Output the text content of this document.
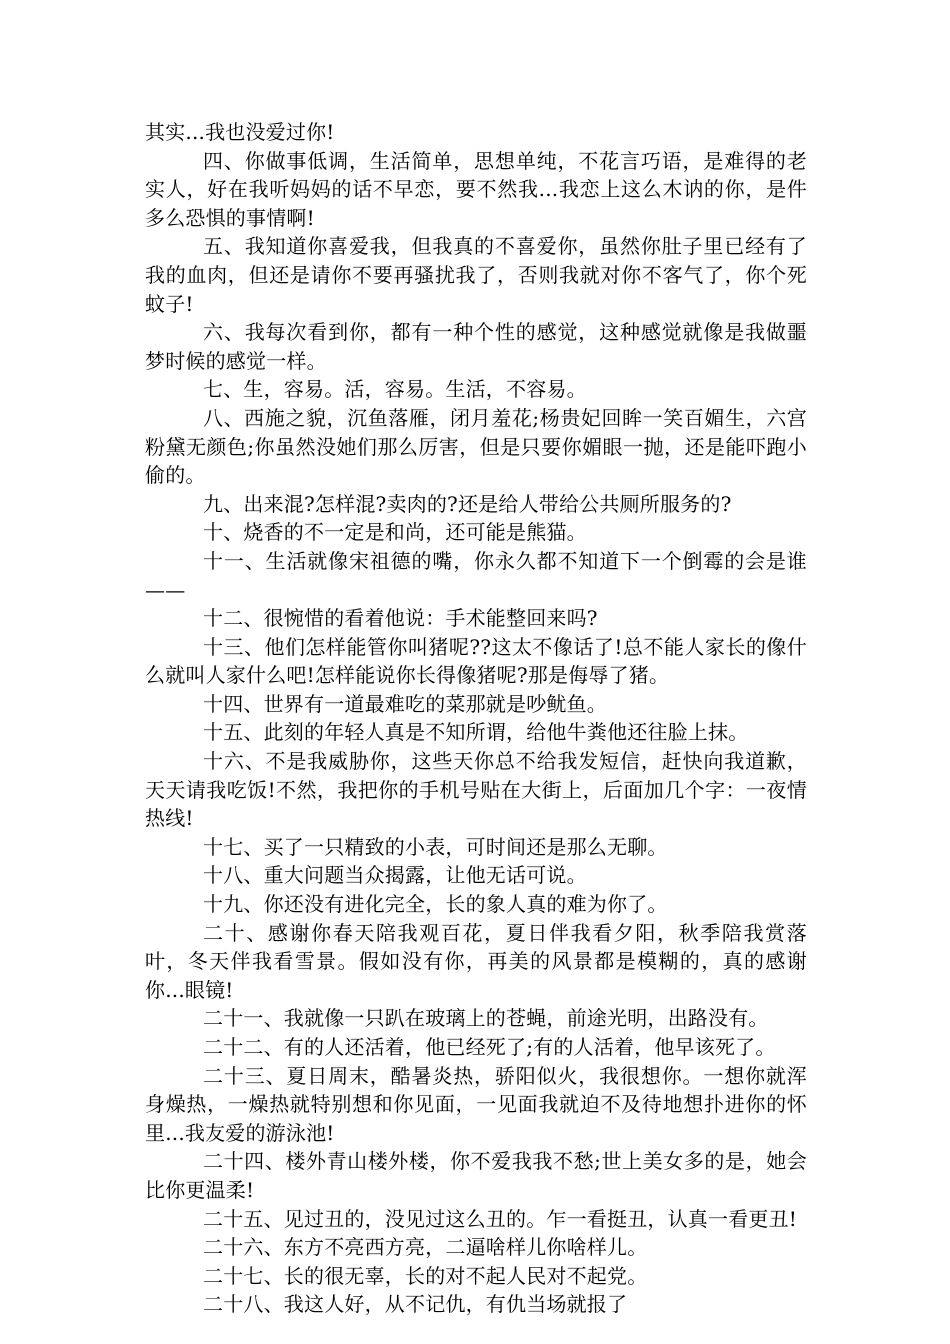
其实...我也没爱过你!

四、你做事低调，生活简单，思想单纯，不花言巧语，是难得的老实人，好在我听妈妈的话不早恋，要不然我...我恋上这么木讷的你，是件多么恐惧的事情啊!

五、我知道你喜爱我，但我真的不喜爱你，虽然你肚子里已经有了我的血肉，但还是请你不要再骚扰我了，否则我就对你不客气了，你个死蚊子!

六、我每次看到你，都有一种个性的感觉，这种感觉就像是我做噩梦时候的感觉一样。

七、生，容易。活，容易。生活，不容易。

八、西施之貌，沉鱼落雁，闭月羞花;杨贵妃回眸一笑百媚生，六宫粉黛无颜色;你虽然没她们那么厉害，但是只要你媚眼一抛，还是能吓跑小偷的。

九、出来混?怎样混?卖肉的?还是给人带给公共厕所服务的?

十、烧香的不一定是和尚，还可能是熊猫。

十一、生活就像宋祖德的嘴，你永久都不知道下一个倒霉的会是谁——

十二、很惋惜的看着他说：手术能整回来吗?

十三、他们怎样能管你叫猪呢??这太不像话了!总不能人家长的像什么就叫人家什么吧!怎样能说你长得像猪呢?那是侮辱了猪。

十四、世界有一道最难吃的菜那就是吵鱿鱼。

十五、此刻的年轻人真是不知所谓，给他牛粪他还往脸上抹。

十六、不是我威胁你，这些天你总不给我发短信，赶快向我道歉，天天请我吃饭!不然，我把你的手机号贴在大街上，后面加几个字：一夜情热线!

十七、买了一只精致的小表，可时间还是那么无聊。

十八、重大问题当众揭露，让他无话可说。

十九、你还没有进化完全，长的象人真的难为你了。

二十、感谢你春天陪我观百花，夏日伴我看夕阳，秋季陪我赏落叶，冬天伴我看雪景。假如没有你，再美的风景都是模糊的，真的感谢你...眼镜!

二十一、我就像一只趴在玻璃上的苍蝇，前途光明，出路没有。

二十二、有的人还活着，他已经死了;有的人活着，他早该死了。

二十三、夏日周末，酷暑炎热，骄阳似火，我很想你。一想你就浑身燥热，一燥热就特别想和你见面，一见面我就迫不及待地想扑进你的怀里...我友爱的游泳池!

二十四、楼外青山楼外楼，你不爱我我不愁;世上美女多的是，她会比你更温柔!

二十五、见过丑的，没见过这么丑的。乍一看挺丑，认真一看更丑!

二十六、东方不亮西方亮，二逼啥样儿你啥样儿。

二十七、长的很无辜，长的对不起人民对不起党。

二十八、我这人好，从不记仇，有仇当场就报了
